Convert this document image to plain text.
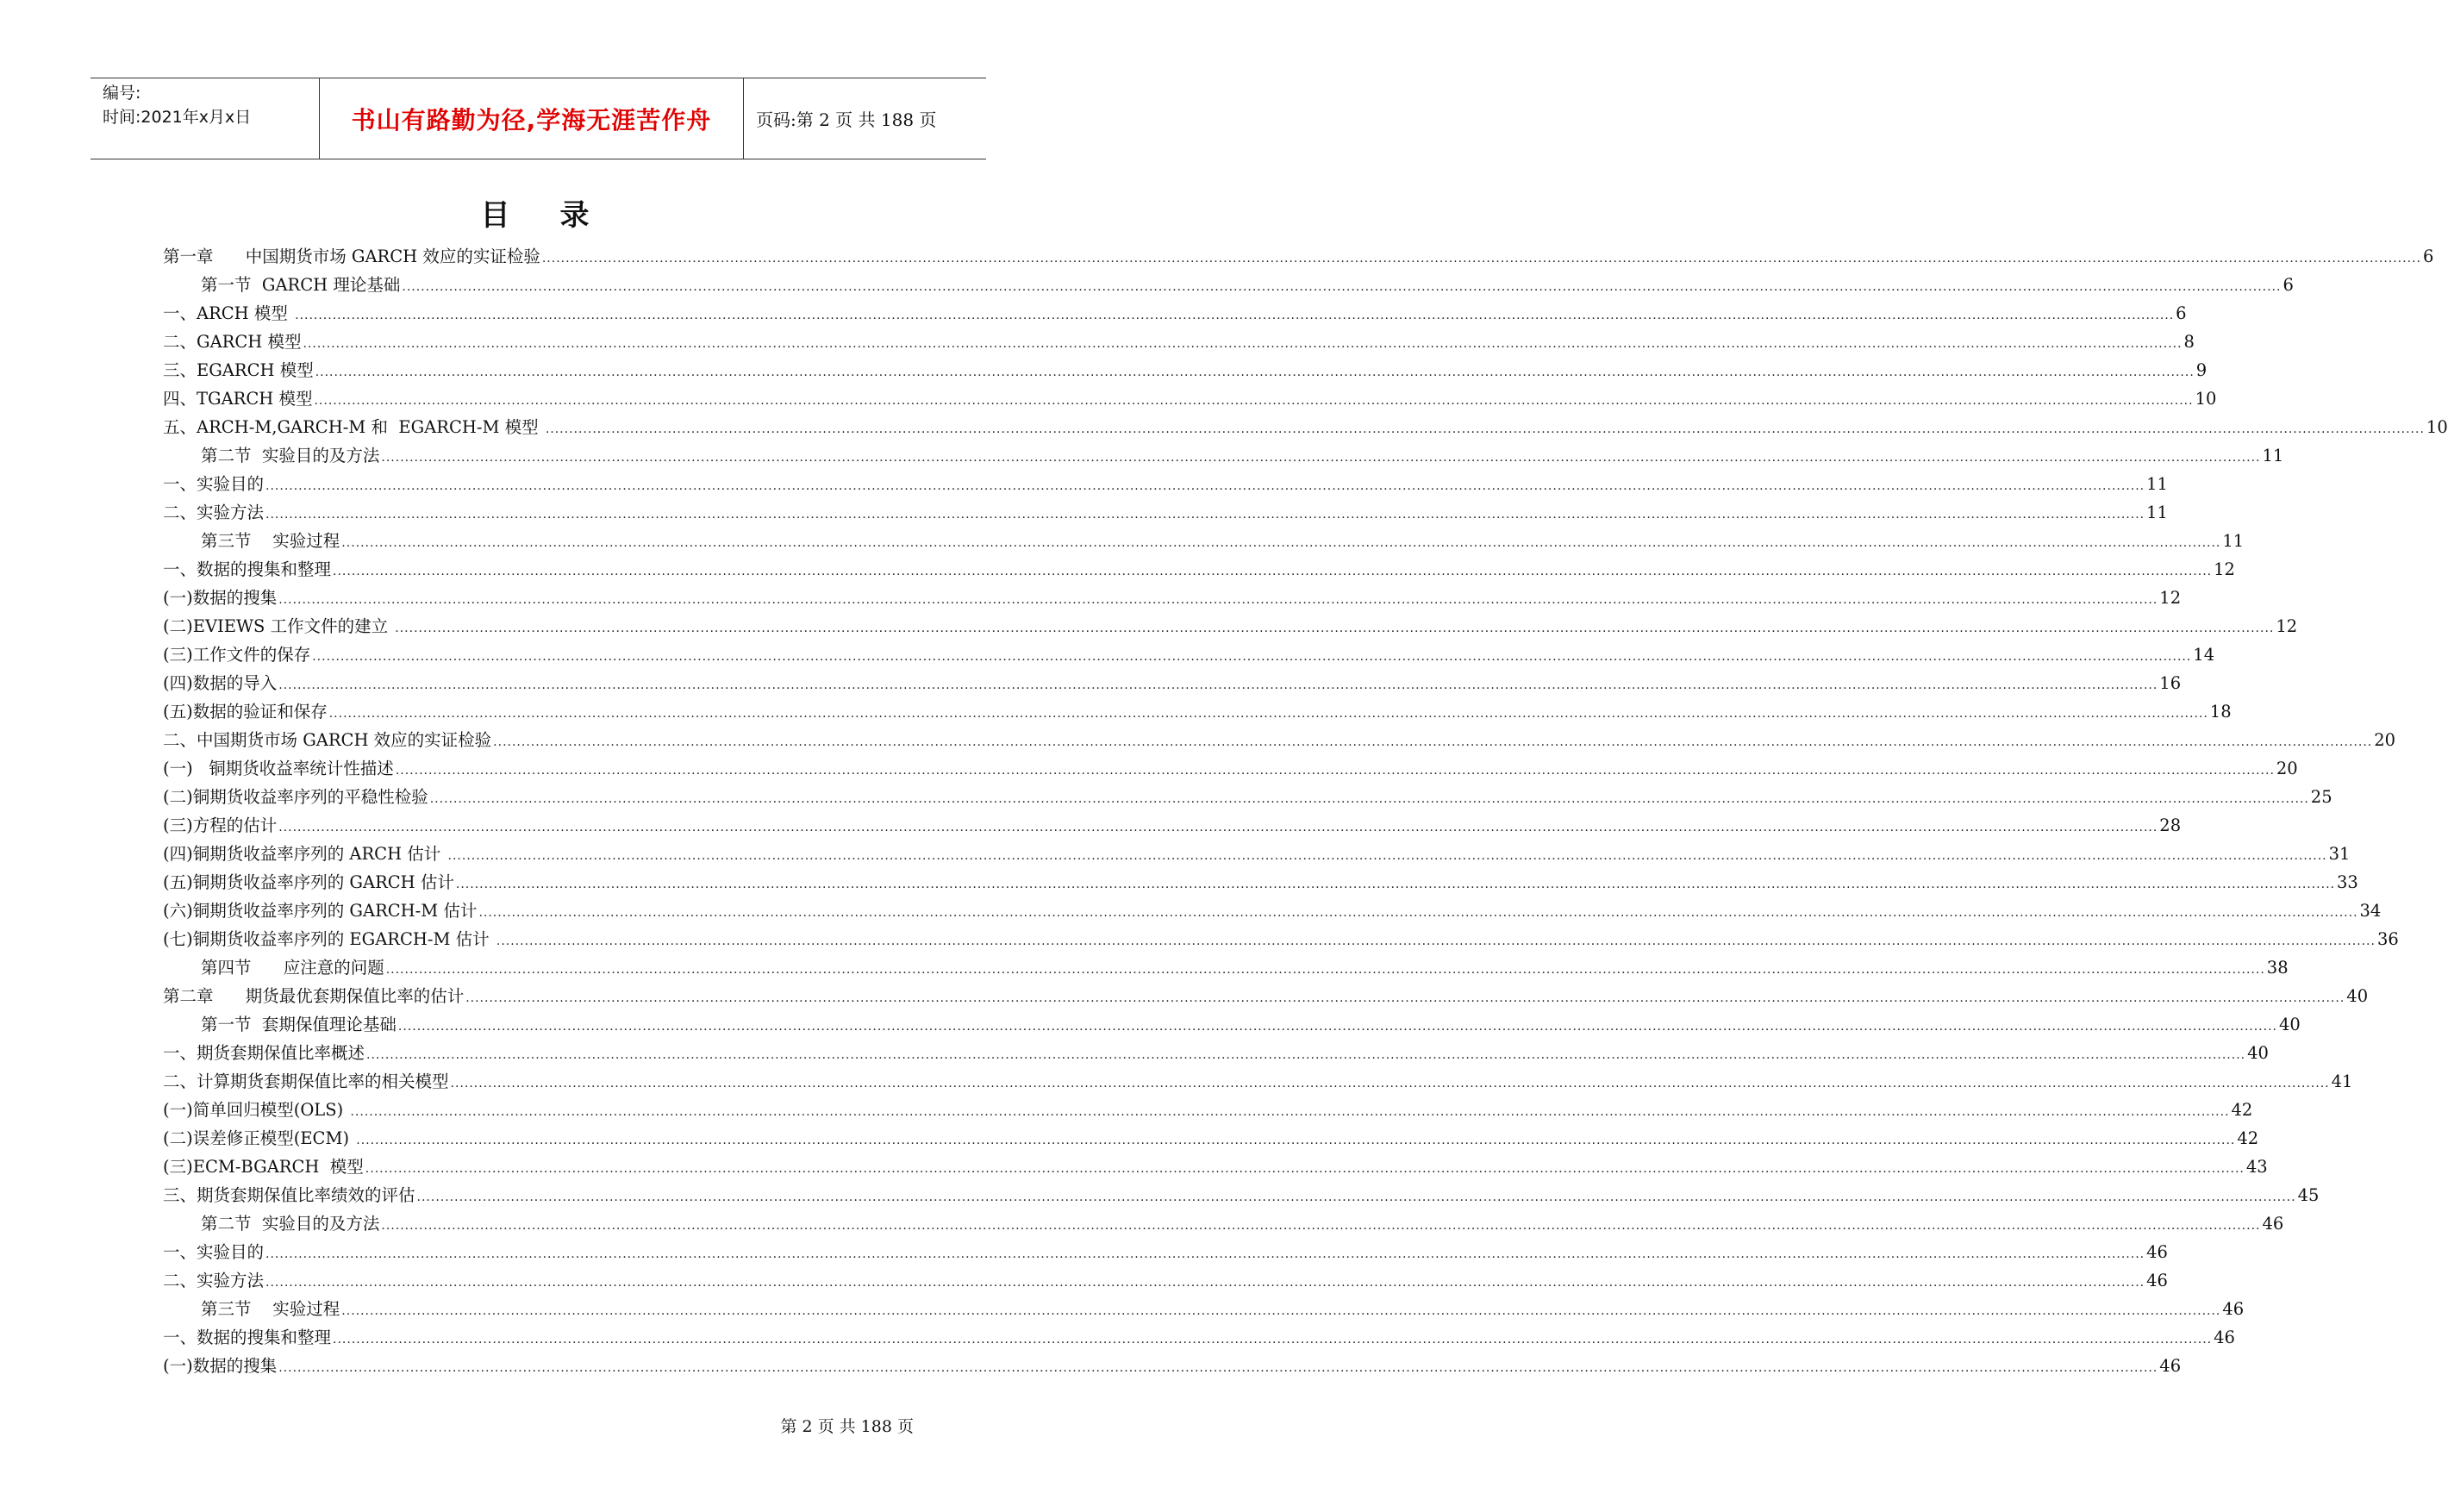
编号:
时间:2021年x月x日	书山有路勤为径,学海无涯苦作舟	页码:第 2 页 共 188 页
目录
第一章      中国期货市场 GARCH 效应的实证检验 ................................................................................................................................................................................................................................................................................................................................................................................................................ 6
第一节  GARCH 理论基础 ................................................................................................................................................................................................................................................................................................................................................................................................................ 6
一、ARCH 模型 ................................................................................................................................................................................................................................................................................................................................................................................................................ 6
二、GARCH 模型 ................................................................................................................................................................................................................................................................................................................................................................................................................ 8
三、EGARCH 模型 ................................................................................................................................................................................................................................................................................................................................................................................................................ 9
四、TGARCH 模型 ................................................................................................................................................................................................................................................................................................................................................................................................................ 10
五、ARCH-M,GARCH-M 和  EGARCH-M 模型 ................................................................................................................................................................................................................................................................................................................................................................................................................ 10
第二节  实验目的及方法 ................................................................................................................................................................................................................................................................................................................................................................................................................ 11
一、实验目的 ................................................................................................................................................................................................................................................................................................................................................................................................................ 11
二、实验方法 ................................................................................................................................................................................................................................................................................................................................................................................................................ 11
第三节    实验过程 ................................................................................................................................................................................................................................................................................................................................................................................................................ 11
一、数据的搜集和整理 ................................................................................................................................................................................................................................................................................................................................................................................................................ 12
(一)数据的搜集 ................................................................................................................................................................................................................................................................................................................................................................................................................ 12
(二)EVIEWS 工作文件的建立 ................................................................................................................................................................................................................................................................................................................................................................................................................ 12
(三)工作文件的保存 ................................................................................................................................................................................................................................................................................................................................................................................................................ 14
(四)数据的导入 ................................................................................................................................................................................................................................................................................................................................................................................................................ 16
(五)数据的验证和保存 ................................................................................................................................................................................................................................................................................................................................................................................................................ 18
二、中国期货市场 GARCH 效应的实证检验 ................................................................................................................................................................................................................................................................................................................................................................................................................ 20
(一)   铜期货收益率统计性描述 ................................................................................................................................................................................................................................................................................................................................................................................................................ 20
(二)铜期货收益率序列的平稳性检验 ................................................................................................................................................................................................................................................................................................................................................................................................................ 25
(三)方程的估计 ................................................................................................................................................................................................................................................................................................................................................................................................................ 28
(四)铜期货收益率序列的 ARCH 估计 ................................................................................................................................................................................................................................................................................................................................................................................................................ 31
(五)铜期货收益率序列的 GARCH 估计 ................................................................................................................................................................................................................................................................................................................................................................................................................ 33
(六)铜期货收益率序列的 GARCH-M 估计 ................................................................................................................................................................................................................................................................................................................................................................................................................ 34
(七)铜期货收益率序列的 EGARCH-M 估计 ................................................................................................................................................................................................................................................................................................................................................................................................................ 36
第四节      应注意的问题 ................................................................................................................................................................................................................................................................................................................................................................................................................ 38
第二章      期货最优套期保值比率的估计 ................................................................................................................................................................................................................................................................................................................................................................................................................ 40
第一节  套期保值理论基础 ................................................................................................................................................................................................................................................................................................................................................................................................................ 40
一、期货套期保值比率概述 ................................................................................................................................................................................................................................................................................................................................................................................................................ 40
二、计算期货套期保值比率的相关模型 ................................................................................................................................................................................................................................................................................................................................................................................................................ 41
(一)简单回归模型(OLS) ................................................................................................................................................................................................................................................................................................................................................................................................................ 42
(二)误差修正模型(ECM) ................................................................................................................................................................................................................................................................................................................................................................................................................ 42
(三)ECM-BGARCH  模型 ................................................................................................................................................................................................................................................................................................................................................................................................................ 43
三、期货套期保值比率绩效的评估 ................................................................................................................................................................................................................................................................................................................................................................................................................ 45
第二节  实验目的及方法 ................................................................................................................................................................................................................................................................................................................................................................................................................ 46
一、实验目的 ................................................................................................................................................................................................................................................................................................................................................................................................................ 46
二、实验方法 ................................................................................................................................................................................................................................................................................................................................................................................................................ 46
第三节    实验过程 ................................................................................................................................................................................................................................................................................................................................................................................................................ 46
一、数据的搜集和整理 ................................................................................................................................................................................................................................................................................................................................................................................................................ 46
(一)数据的搜集 ................................................................................................................................................................................................................................................................................................................................................................................................................ 46
第 2 页 共 188 页
